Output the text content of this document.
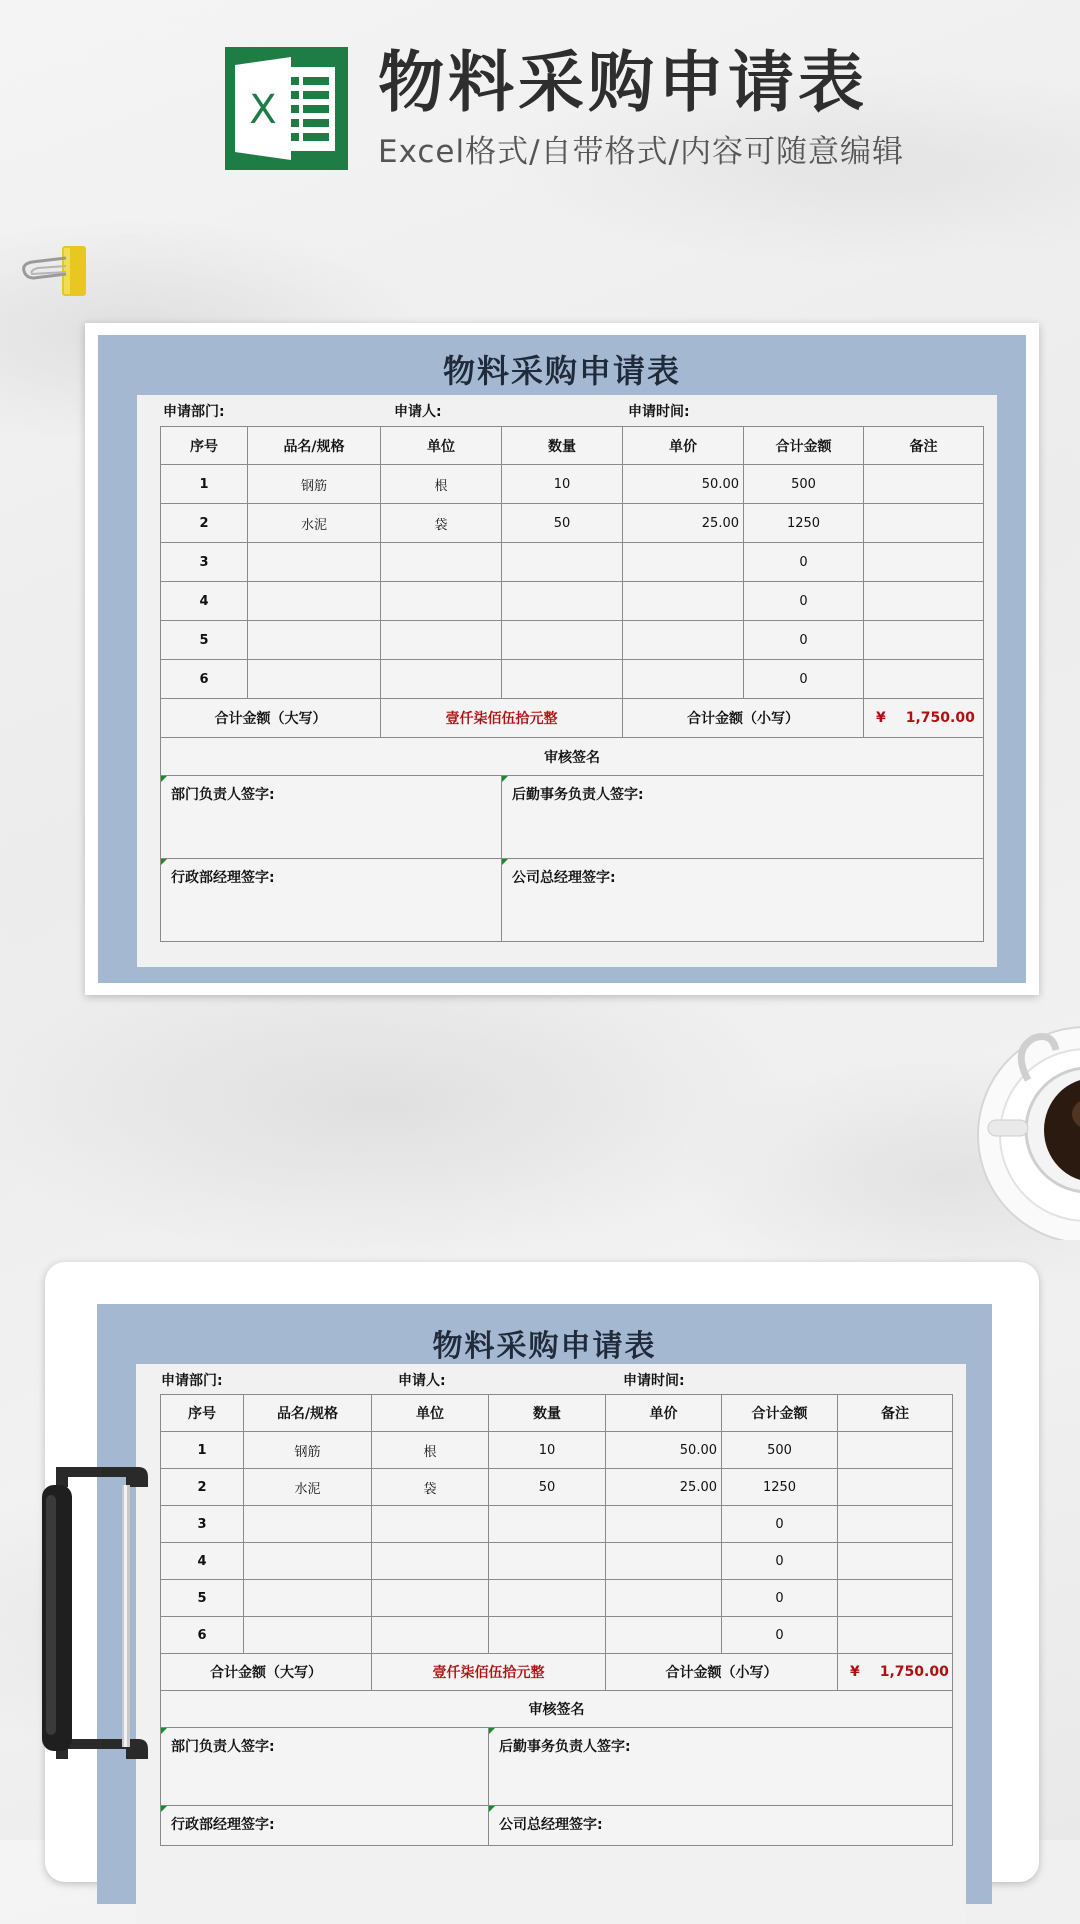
X 物料采购申请表
Excel格式/自带格式/内容可随意编辑
物料采购申请表
申请部门:	申请人:	申请时间:
序号	品名/规格	单位	数量	单价	合计金额	备注
1	钢筋	根	10	50.00	500	
2	水泥	袋	50	25.00	1250	
3					0	
4					0	
5					0	
6					0	
合计金额（大写）		壹仟柒佰伍拾元整		合计金额（小写）		¥ 1,750.00
审核签名						
部门负责人签字:			后勤事务负责人签字:			
行政部经理签字:			公司总经理签字:			
物料采购申请表
申请部门:	申请人:	申请时间:
序号	品名/规格	单位	数量	单价	合计金额	备注
1	钢筋	根	10	50.00	500	
2	水泥	袋	50	25.00	1250	
3					0	
4					0	
5					0	
6					0	
合计金额（大写）		壹仟柒佰伍拾元整		合计金额（小写）		¥ 1,750.00
审核签名						
部门负责人签字:			后勤事务负责人签字:			
行政部经理签字:			公司总经理签字:			
